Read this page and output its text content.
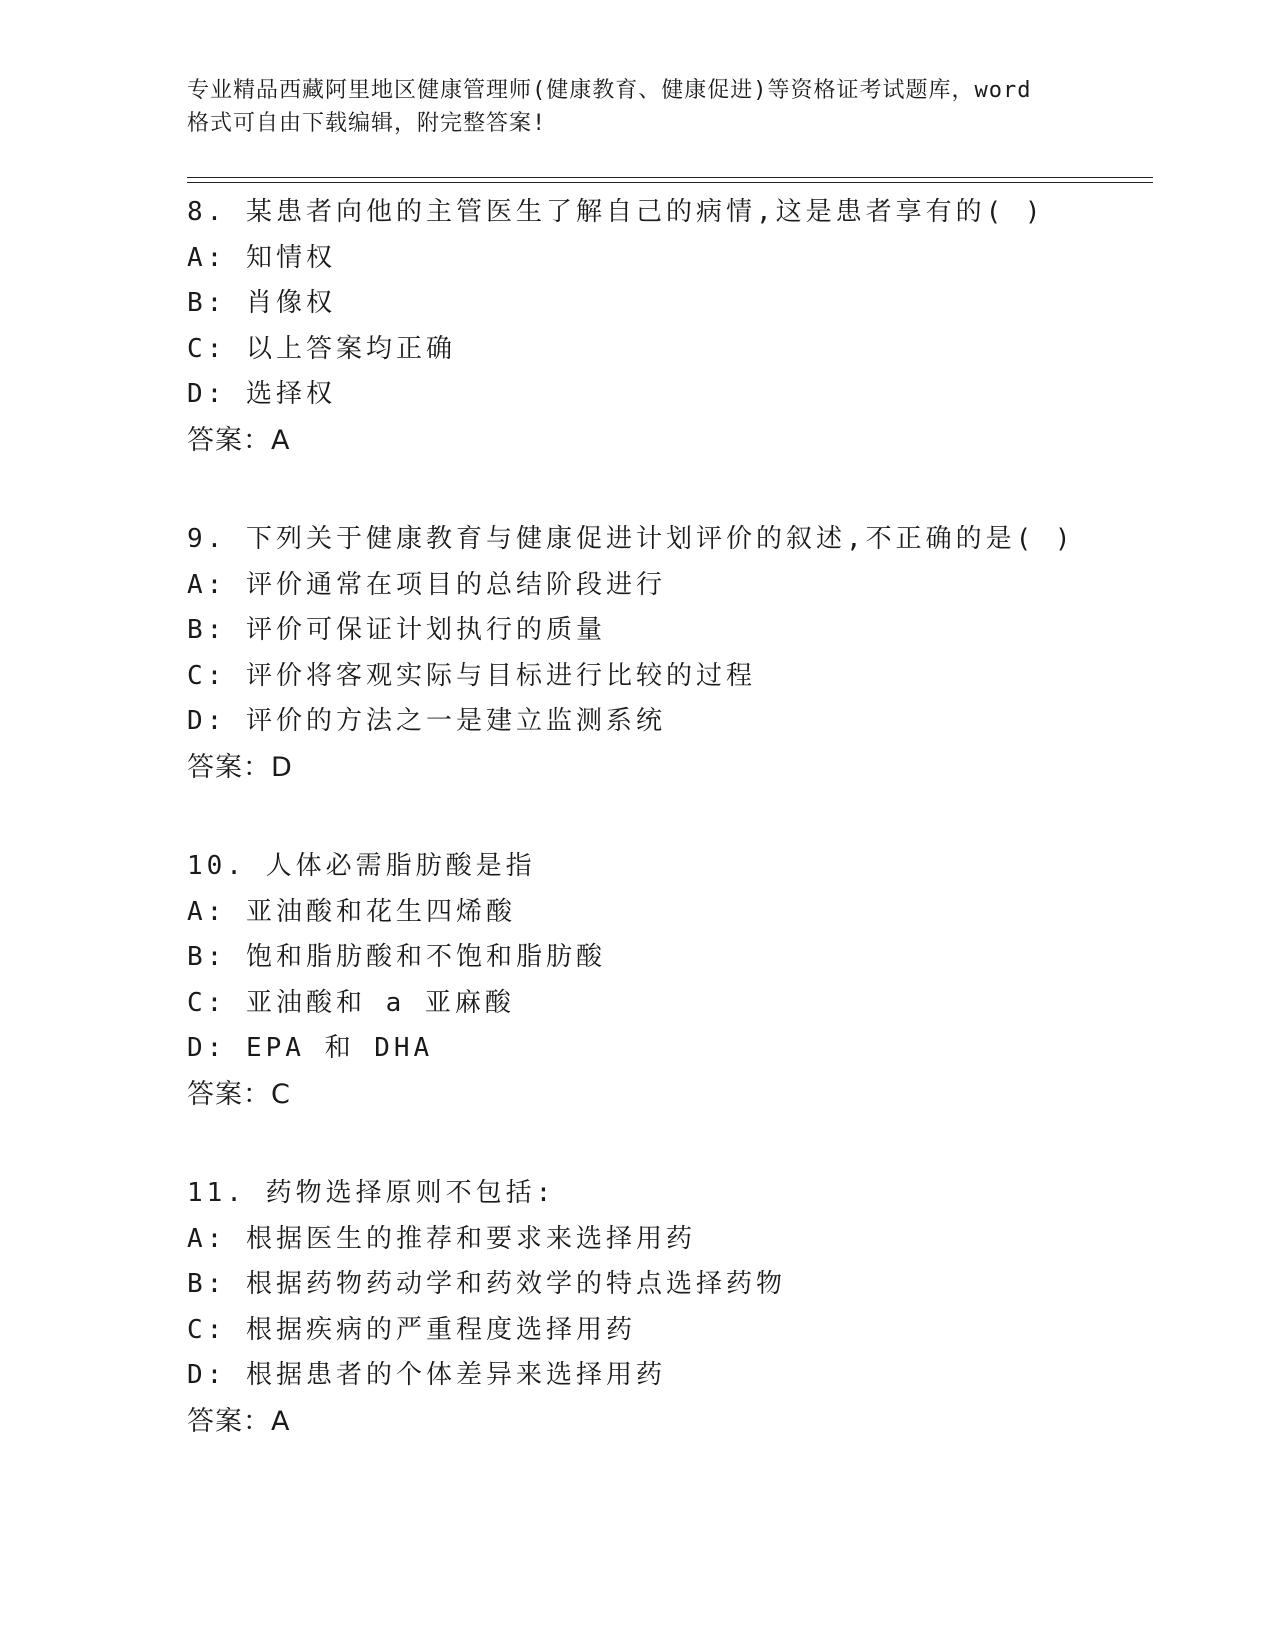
专业精品西藏阿里地区健康管理师(健康教育、健康促进)等资格证考试题库，word
格式可自由下载编辑，附完整答案!
8. 某患者向他的主管医生了解自己的病情,这是患者享有的( )
A: 知情权
B: 肖像权
C: 以上答案均正确
D: 选择权
答案：A
9. 下列关于健康教育与健康促进计划评价的叙述,不正确的是( )
A: 评价通常在项目的总结阶段进行
B: 评价可保证计划执行的质量
C: 评价将客观实际与目标进行比较的过程
D: 评价的方法之一是建立监测系统
答案：D
10. 人体必需脂肪酸是指
A: 亚油酸和花生四烯酸
B: 饱和脂肪酸和不饱和脂肪酸
C: 亚油酸和 a 亚麻酸
D: EPA 和 DHA
答案：C
11. 药物选择原则不包括:
A: 根据医生的推荐和要求来选择用药
B: 根据药物药动学和药效学的特点选择药物
C: 根据疾病的严重程度选择用药
D: 根据患者的个体差异来选择用药
答案：A
